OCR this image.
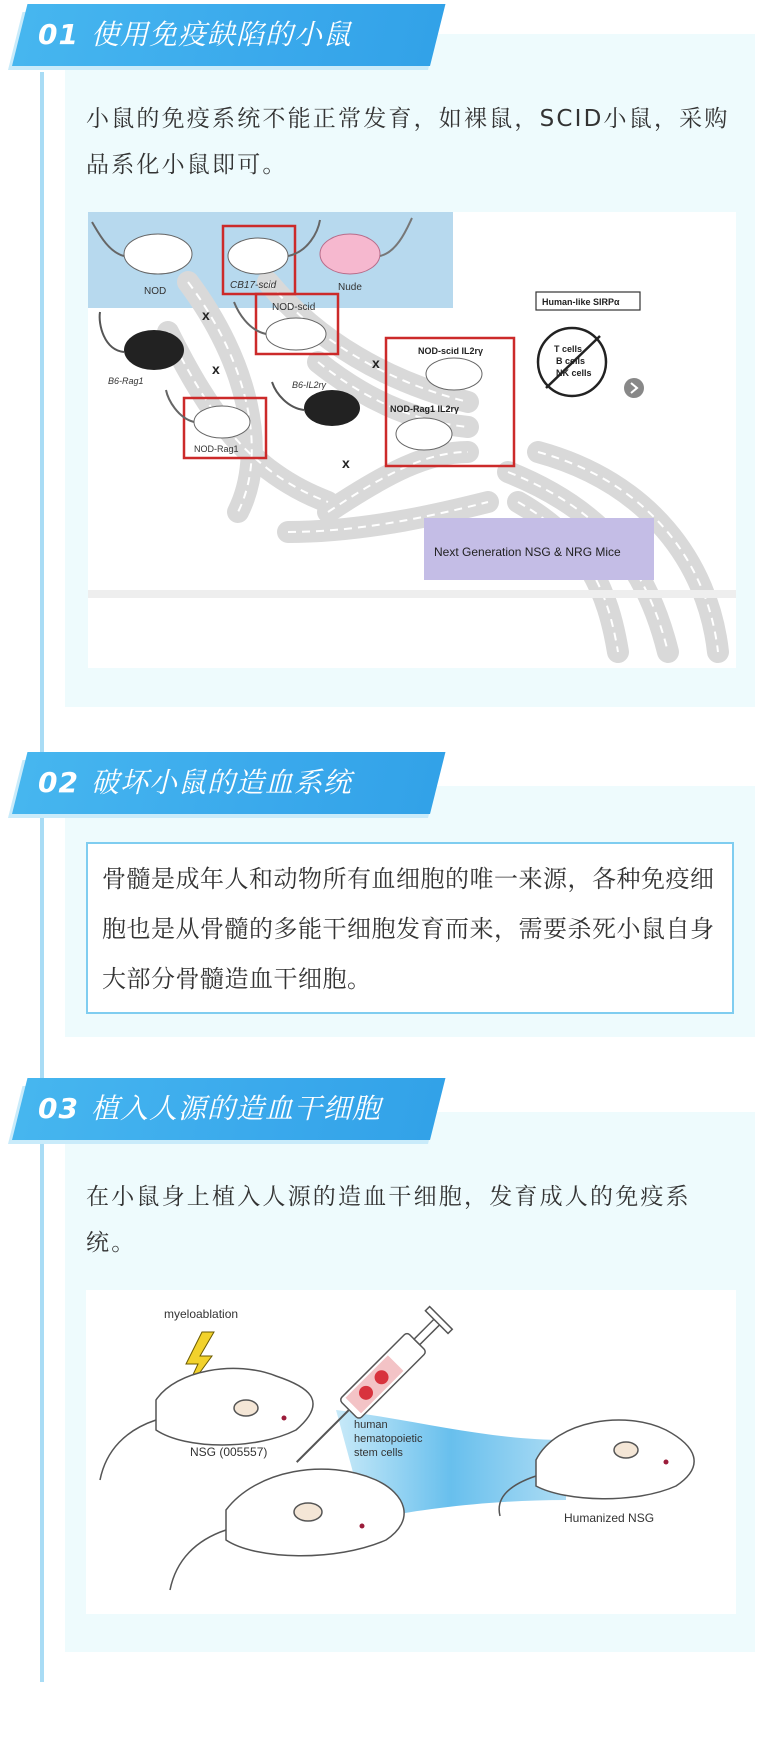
01 使用免疫缺陷的小鼠
小鼠的免疫系统不能正常发育，如裸鼠，SCID小鼠，采购品系化小鼠即可。
NOD
CB17-scid	Nude
x
B6-Rag1
NOD-scid
x
B6-IL2rγ
x
NOD-Rag1
x
NOD-scid IL2rγ
NOD-Rag1 IL2rγ
Human-like SIRPα
T cells
B cells
NK cells
Next Generation NSG & NRG Mice
02 破坏小鼠的造血系统
骨髓是成年人和动物所有血细胞的唯一来源，各种免疫细胞也是从骨髓的多能干细胞发育而来，需要杀死小鼠自身大部分骨髓造血干细胞。
03 植入人源的造血干细胞
在小鼠身上植入人源的造血干细胞，发育成人的免疫系统。
myeloablation
NSG (005557)
human
hematopoietic
stem cells
Humanized NSG
